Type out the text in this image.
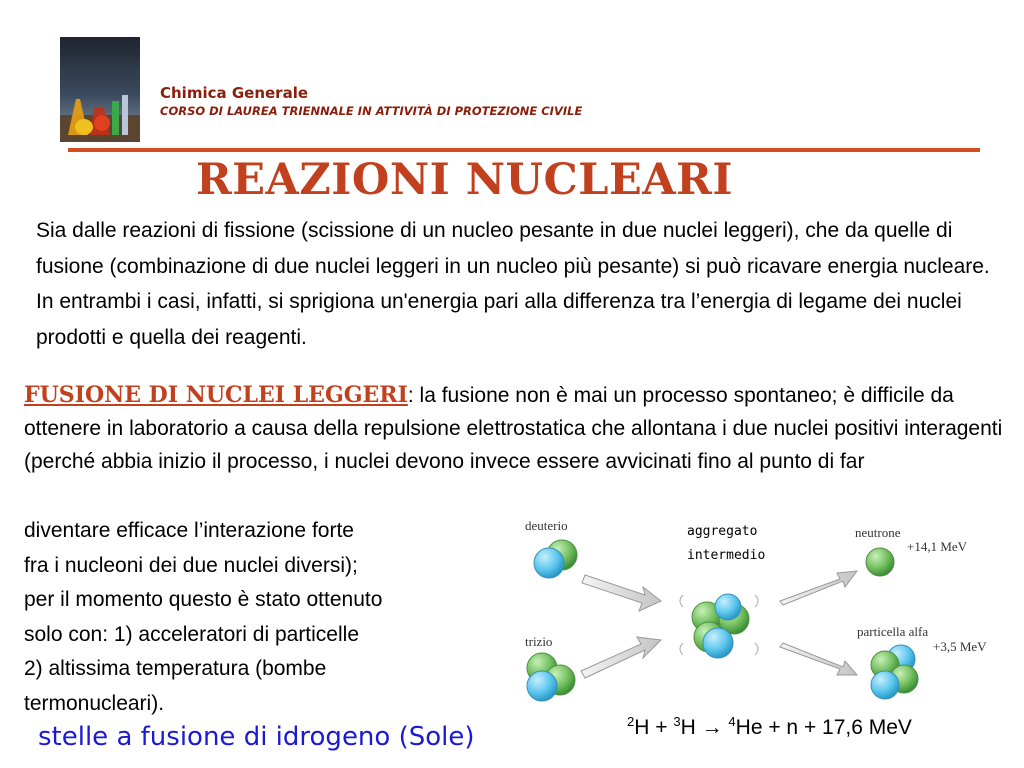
Chimica Generale
CORSO DI LAUREA TRIENNALE IN ATTIVITÀ DI PROTEZIONE CIVILE
REAZIONI NUCLEARI
Sia dalle reazioni di fissione (scissione di un nucleo pesante in due nuclei leggeri), che da quelle di fusione (combinazione di due nuclei leggeri in un nucleo più pesante) si può ricavare energia nucleare. In entrambi i casi, infatti, si sprigiona un'energia pari alla differenza tra l’energia di legame dei nuclei prodotti e quella dei reagenti.
FUSIONE DI NUCLEI LEGGERI: la fusione non è mai un processo spontaneo; è difficile da ottenere in laboratorio a causa della repulsione elettrostatica che allontana i due nuclei positivi interagenti (perché abbia inizio il processo, i nuclei devono invece essere avvicinati fino al punto di far
diventare efficace l’interazione forte
fra i nucleoni dei due nuclei diversi);
per il momento questo è stato ottenuto
solo con: 1) acceleratori di particelle
2) altissima temperatura (bombe
termonucleari).
deuterio
trizio
aggregato
intermedio
neutrone
+14,1 MeV
particella alfa
+3,5 MeV
stelle a fusione di idrogeno (Sole)
$^2$H + $^3$H → $^4$He + n + 17,6 MeV
